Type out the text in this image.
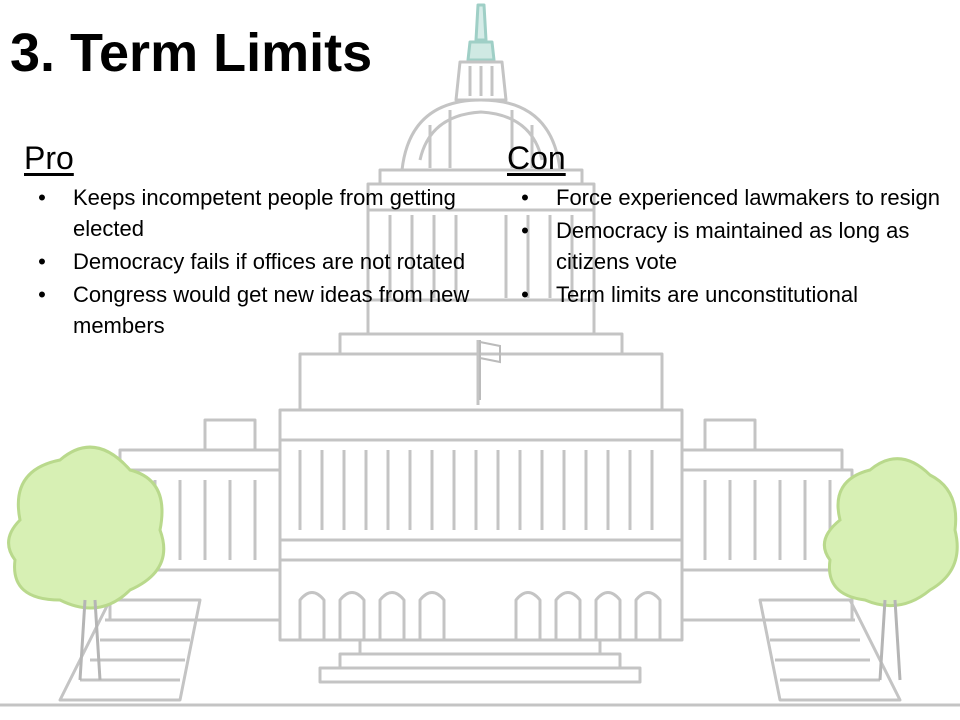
3. Term Limits
Pro
• Keeps incompetent people from getting elected
• Democracy fails if offices are not rotated
• Congress would get new ideas from new members
Con
• Force experienced lawmakers to resign
• Democracy is maintained as long as citizens vote
• Term limits are unconstitutional
